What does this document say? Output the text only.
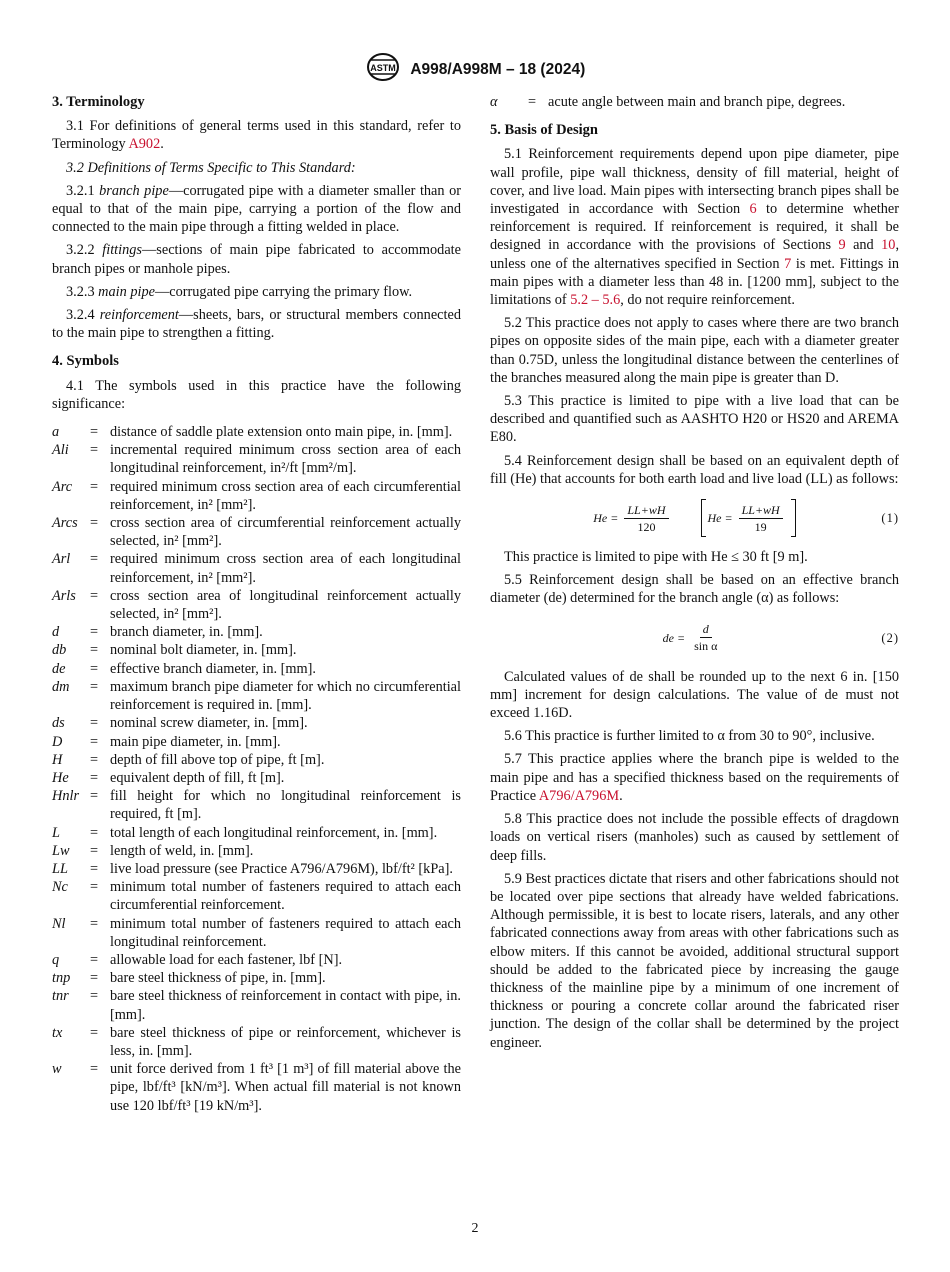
ASTM A998/A998M – 18 (2024)
3. Terminology
3.1 For definitions of general terms used in this standard, refer to Terminology A902.
3.2 Definitions of Terms Specific to This Standard:
3.2.1 branch pipe—corrugated pipe with a diameter smaller than or equal to that of the main pipe, carrying a portion of the flow and connected to the main pipe through a fitting welded in place.
3.2.2 fittings—sections of main pipe fabricated to accommodate branch pipes or manhole pipes.
3.2.3 main pipe—corrugated pipe carrying the primary flow.
3.2.4 reinforcement—sheets, bars, or structural members connected to the main pipe to strengthen a fitting.
4. Symbols
4.1 The symbols used in this practice have the following significance:
a	=	distance of saddle plate extension onto main pipe, in. [mm].
Ali	=	incremental required minimum cross section area of each longitudinal reinforcement, in²/ft [mm²/m].
Arc	=	required minimum cross section area of each circumferential reinforcement, in² [mm²].
Arcs	=	cross section area of circumferential reinforcement actually selected, in² [mm²].
Arl	=	required minimum cross section area of each longitudinal reinforcement, in² [mm²].
Arls	=	cross section area of longitudinal reinforcement actually selected, in² [mm²].
d	=	branch diameter, in. [mm].
db	=	nominal bolt diameter, in. [mm].
de	=	effective branch diameter, in. [mm].
dm	=	maximum branch pipe diameter for which no circumferential reinforcement is required in. [mm].
ds	=	nominal screw diameter, in. [mm].
D	=	main pipe diameter, in. [mm].
H	=	depth of fill above top of pipe, ft [m].
He	=	equivalent depth of fill, ft [m].
Hnlr	=	fill height for which no longitudinal reinforcement is required, ft [m].
L	=	total length of each longitudinal reinforcement, in. [mm].
Lw	=	length of weld, in. [mm].
LL	=	live load pressure (see Practice A796/A796M), lbf/ft² [kPa].
Nc	=	minimum total number of fasteners required to attach each circumferential reinforcement.
Nl	=	minimum total number of fasteners required to attach each longitudinal reinforcement.
q	=	allowable load for each fastener, lbf [N].
tnp	=	bare steel thickness of pipe, in. [mm].
tnr	=	bare steel thickness of reinforcement in contact with pipe, in. [mm].
tx	=	bare steel thickness of pipe or reinforcement, whichever is less, in. [mm].
w	=	unit force derived from 1 ft³ [1 m³] of fill material above the pipe, lbf/ft³ [kN/m³]. When actual fill material is not known use 120 lbf/ft³ [19 kN/m³].
α	=	acute angle between main and branch pipe, degrees.
5. Basis of Design
5.1 Reinforcement requirements depend upon pipe diameter, pipe wall profile, pipe wall thickness, density of fill material, height of cover, and live load. Main pipes with intersecting branch pipes shall be investigated in accordance with Section 6 to determine whether reinforcement is required. If reinforcement is required, it shall be designed in accordance with the provisions of Sections 9 and 10, unless one of the alternatives specified in Section 7 is met. Fittings in main pipes with a diameter less than 48 in. [1200 mm], subject to the limitations of 5.2 – 5.6, do not require reinforcement.
5.2 This practice does not apply to cases where there are two branch pipes on opposite sides of the main pipe, each with a diameter greater than 0.75D, unless the longitudinal distance between the centerlines of the branches measured along the main pipe is greater than D.
5.3 This practice is limited to pipe with a live load that can be described and quantified such as AASHTO H20 or HS20 and AREMA E80.
5.4 Reinforcement design shall be based on an equivalent depth of fill (He) that accounts for both earth load and live load (LL) as follows:
$He = \frac{LL+wH}{120}$	$He = \frac{LL+wH}{19}$	(1)
This practice is limited to pipe with He ≤ 30 ft [9 m].
5.5 Reinforcement design shall be based on an effective branch diameter (de) determined for the branch angle (α) as follows:
de = $\frac{d}{\text{sin α}}$	(2)
Calculated values of de shall be rounded up to the next 6 in. [150 mm] increment for design calculations. The value of de must not exceed 1.16D.
5.6 This practice is further limited to α from 30 to 90°, inclusive.
5.7 This practice applies where the branch pipe is welded to the main pipe and has a specified thickness based on the requirements of Practice A796/A796M.
5.8 This practice does not include the possible effects of dragdown loads on vertical risers (manholes) such as caused by settlement of deep fills.
5.9 Best practices dictate that risers and other fabrications should not be located over pipe sections that already have welded fabrications. Although permissible, it is best to locate risers, laterals, and any other fabricated connections away from areas with other fabrications such as elbow miters. If this cannot be avoided, additional structural support should be added to the fabricated piece by increasing the gauge thickness of the mainline pipe by a minimum of one increment of thickness or pouring a concrete collar around the fabricated riser junction. The design of the collar shall be determined by the project engineer.
2
